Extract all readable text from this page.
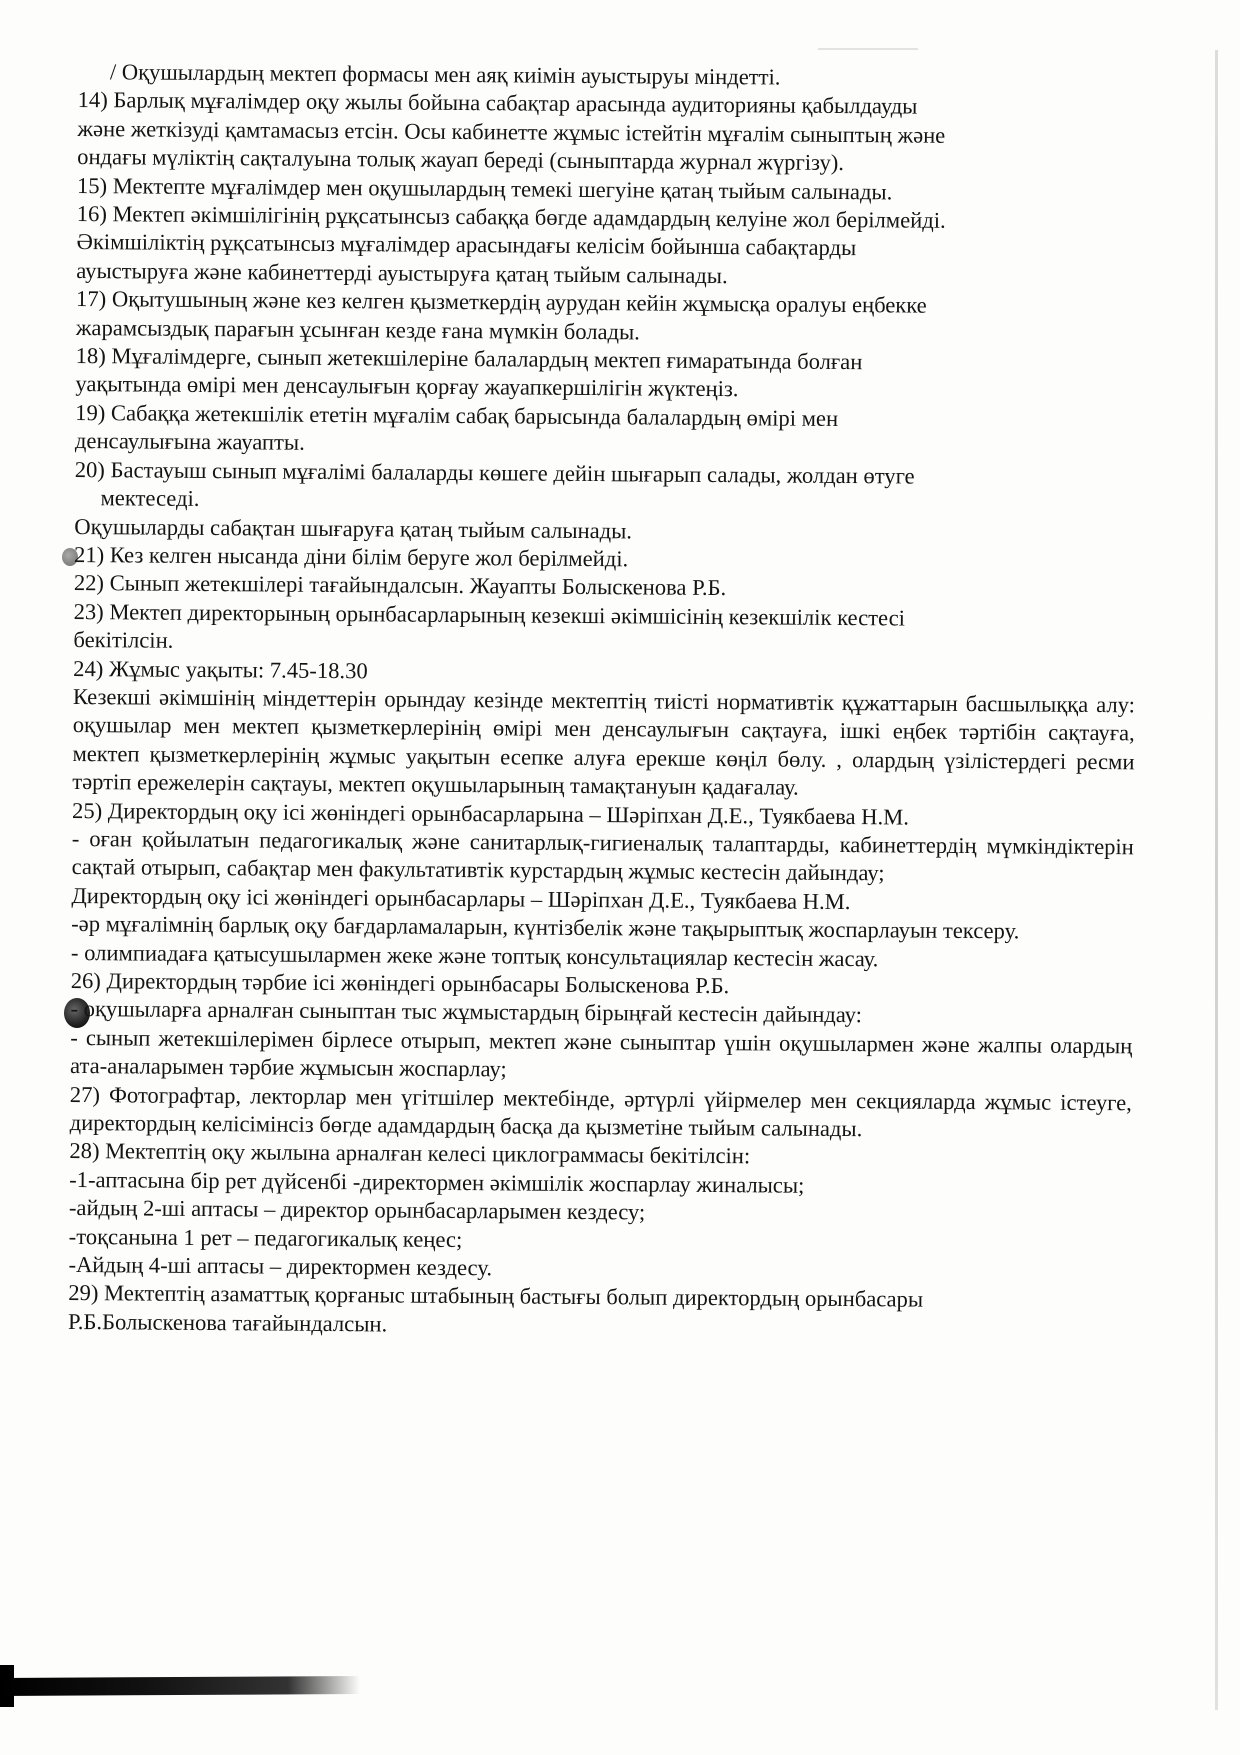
/ Оқушылардың мектеп формасы мен аяқ киімін ауыстыруы міндетті.
14) Барлық мұғалімдер оқу жылы бойына сабақтар арасында аудиторияны қабылдауды
және жеткізуді қамтамасыз етсін. Осы кабинетте жұмыс істейтін мұғалім сыныптың және
ондағы мүліктің сақталуына толық жауап береді (сыныптарда журнал жүргізу).
15) Мектепте мұғалімдер мен оқушылардың темекі шегуіне қатаң тыйым салынады.
16) Мектеп әкімшілігінің рұқсатынсыз сабаққа бөгде адамдардың келуіне жол берілмейді.
Әкімшіліктің рұқсатынсыз мұғалімдер арасындағы келісім бойынша сабақтарды
ауыстыруға және кабинеттерді ауыстыруға қатаң тыйым салынады.
17) Оқытушының және кез келген қызметкердің аурудан кейін жұмысқа оралуы еңбекке
жарамсыздық парағын ұсынған кезде ғана мүмкін болады.
18) Мұғалімдерге, сынып жетекшілеріне балалардың мектеп ғимаратында болған
уақытында өмірі мен денсаулығын қорғау жауапкершілігін жүктеңіз.
19) Сабаққа жетекшілік ететін мұғалім сабақ барысында балалардың өмірі мен
денсаулығына жауапты.
20) Бастауыш сынып мұғалімі балаларды көшеге дейін шығарып салады, жолдан өтуге
мектеседі.
Оқушыларды сабақтан шығаруға қатаң тыйым салынады.
21) Кез келген нысанда діни білім беруге жол берілмейді.
22) Сынып жетекшілері тағайындалсын. Жауапты Болыскенова Р.Б.
23) Мектеп директорының орынбасарларының кезекші әкімшісінің кезекшілік кестесі
бекітілсін.
24) Жұмыс уақыты: 7.45-18.30
Кезекші әкімшінің міндеттерін орындау кезінде мектептің тиісті нормативтік құжаттарын басшылыққа алу: оқушылар мен мектеп қызметкерлерінің өмірі мен денсаулығын сақтауға, ішкі еңбек тәртібін сақтауға, мектеп қызметкерлерінің жұмыс уақытын есепке алуға ерекше көңіл бөлу. , олардың үзілістердегі ресми тәртіп ережелерін сақтауы, мектеп оқушыларының тамақтануын қадағалау.
25) Директордың оқу ісі жөніндегі орынбасарларына – Шәріпхан Д.Е., Туякбаева Н.М.
- оған қойылатын педагогикалық және санитарлық-гигиеналық талаптарды, кабинеттердің мүмкіндіктерін сақтай отырып, сабақтар мен факультативтік курстардың жұмыс кестесін дайындау;
Директордың оқу ісі жөніндегі орынбасарлары – Шәріпхан Д.Е., Туякбаева Н.М.
-әр мұғалімнің барлық оқу бағдарламаларын, күнтізбелік және тақырыптық жоспарлауын тексеру.
- олимпиадаға қатысушылармен жеке және топтық консультациялар кестесін жасау.
26) Директордың тәрбие ісі жөніндегі орынбасары Болыскенова Р.Б.
- оқушыларға арналған сыныптан тыс жұмыстардың бірыңғай кестесін дайындау:
- сынып жетекшілерімен бірлесе отырып, мектеп және сыныптар үшін оқушылармен және жалпы олардың ата-аналарымен тәрбие жұмысын жоспарлау;
27) Фотографтар, лекторлар мен үгітшілер мектебінде, әртүрлі үйірмелер мен секцияларда жұмыс істеуге, директордың келісімінсіз бөгде адамдардың басқа да қызметіне тыйым салынады.
28) Мектептің оқу жылына арналған келесі циклограммасы бекітілсін:
-1-аптасына бір рет дүйсенбі -директормен әкімшілік жоспарлау жиналысы;
-айдың 2-ші аптасы – директор орынбасарларымен кездесу;
-тоқсанына 1 рет – педагогикалық кеңес;
-Айдың 4-ші аптасы – директормен кездесу.
29) Мектептің азаматтық қорғаныс штабының бастығы болып директордың орынбасары
Р.Б.Болыскенова тағайындалсын.
